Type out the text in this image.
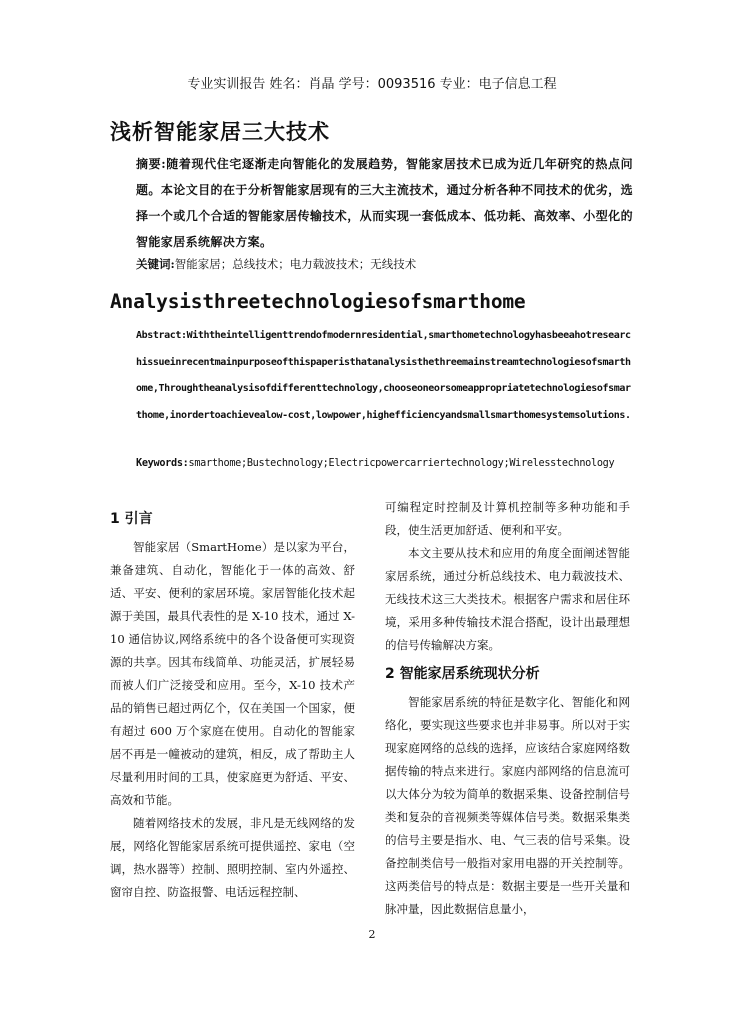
专业实训报告 姓名：肖晶 学号：0093516 专业：电子信息工程
浅析智能家居三大技术

摘要:随着现代住宅逐渐走向智能化的发展趋势，智能家居技术已成为近几年研究的热点问题。本论文目的在于分析智能家居现有的三大主流技术，通过分析各种不同技术的优劣，选择一个或几个合适的智能家居传输技术，从而实现一套低成本、低功耗、高效率、小型化的智能家居系统解决方案。

关键词:智能家居；总线技术；电力载波技术；无线技术

Analysisthreetechnologiesofsmarthome

Abstract:Withtheintelligenttrendofmodernresidential,smarthometechnologyhasbeeahotresearchissueinrecentmainpurposeofthispaperisthatanalysisthethreemainstreamtechnologiesofsmarthome,Throughtheanalysisofdifferenttechnology,chooseoneorsomeappropriatetechnologiesofsmarthome,inordertoachievealow-cost,lowpower,highefficiencyandsmallsmarthomesystemsolutions.

Keywords:smarthome;Bustechnology;Electricpowercarriertechnology;Wirelesstechnology

1 引言

智能家居（SmartHome）是以家为平台，兼备建筑、自动化，智能化于一体的高效、舒适、平安、便利的家居环境。家居智能化技术起源于美国，最具代表性的是 X-10 技术，通过 X-10 通信协议,网络系统中的各个设备便可实现资源的共享。因其布线简单、功能灵活，扩展轻易而被人们广泛接受和应用。至今，X-10 技术产品的销售已超过两亿个，仅在美国一个国家，便有超过 600 万个家庭在使用。自动化的智能家居不再是一幢被动的建筑，相反，成了帮助主人尽量利用时间的工具，使家庭更为舒适、平安、高效和节能。

随着网络技术的发展，非凡是无线网络的发展，网络化智能家居系统可提供遥控、家电（空调，热水器等）控制、照明控制、室内外遥控、窗帘自控、防盗报警、电话远程控制、

可编程定时控制及计算机控制等多种功能和手段，使生活更加舒适、便利和平安。

本文主要从技术和应用的角度全面阐述智能家居系统，通过分析总线技术、电力载波技术、无线技术这三大类技术。根据客户需求和居住环境，采用多种传输技术混合搭配，设计出最理想的信号传输解决方案。

2 智能家居系统现状分析

智能家居系统的特征是数字化、智能化和网络化，要实现这些要求也并非易事。所以对于实现家庭网络的总线的选择，应该结合家庭网络数据传输的特点来进行。家庭内部网络的信息流可以大体分为较为简单的数据采集、设备控制信号类和复杂的音视频类等媒体信号类。数据采集类的信号主要是指水、电、气三表的信号采集。设备控制类信号一般指对家用电器的开关控制等。这两类信号的特点是：数据主要是一些开关量和脉冲量，因此数据信息量小，

2
